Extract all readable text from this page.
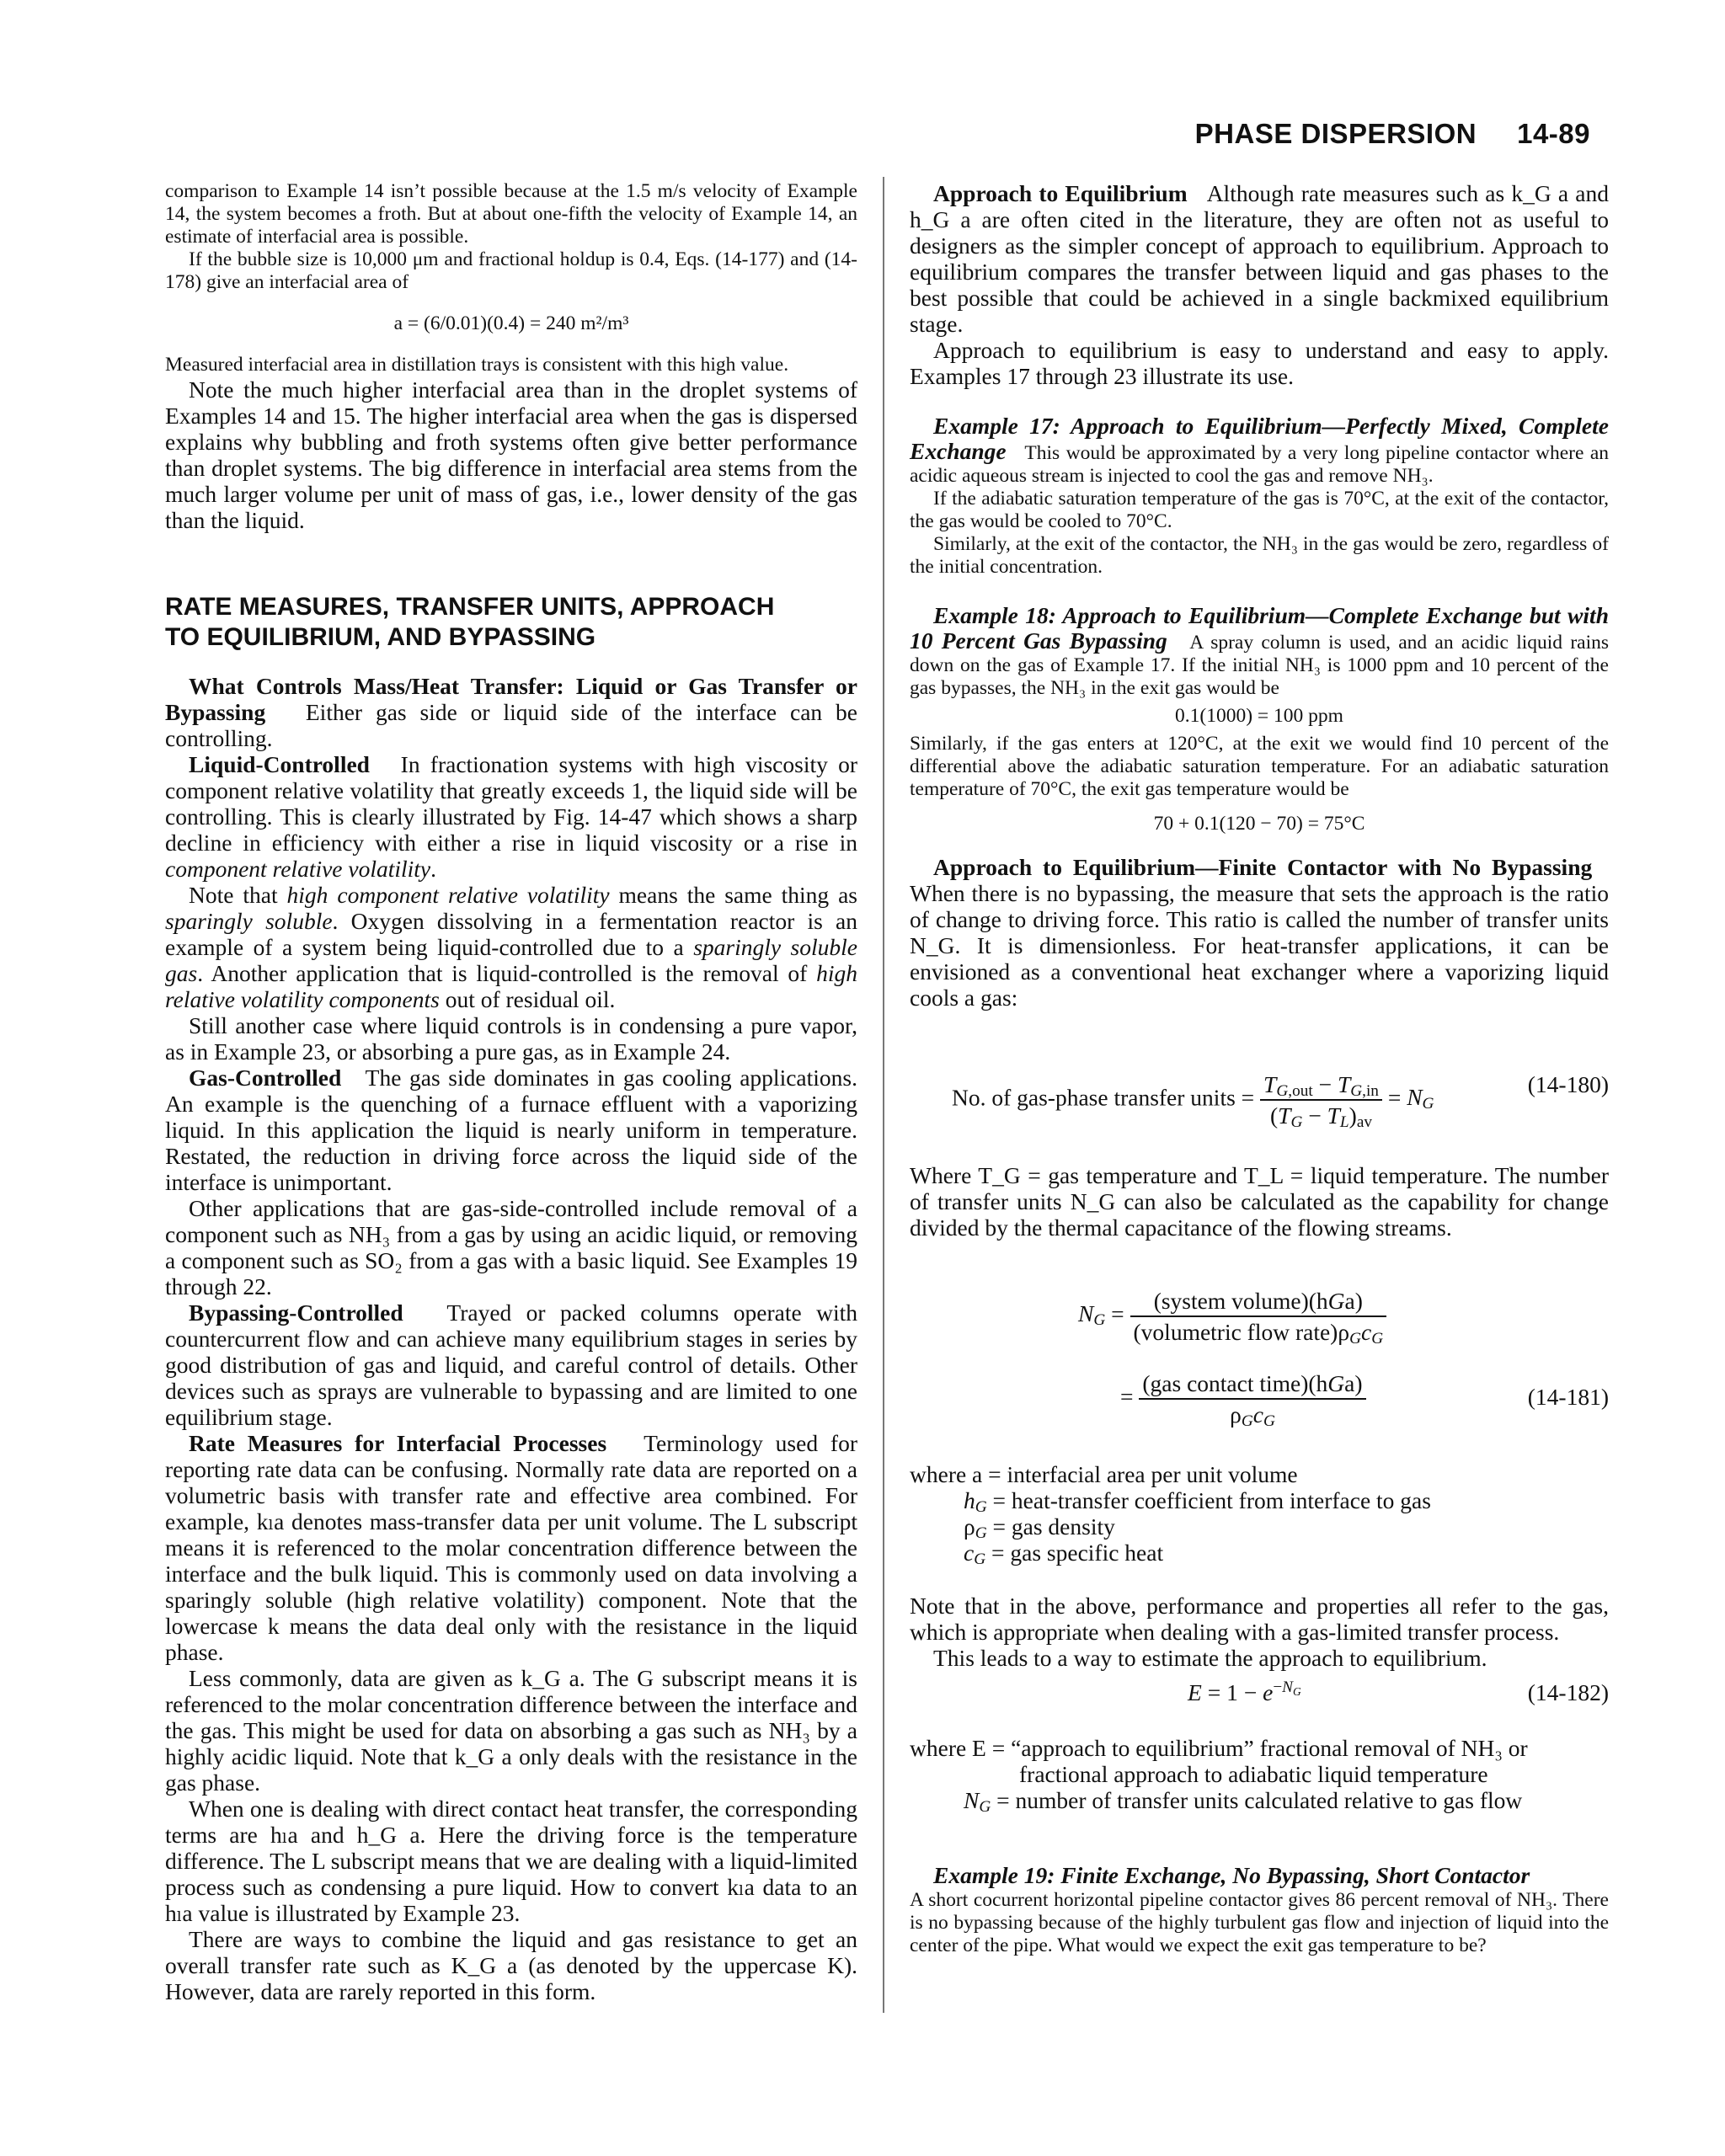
PHASE DISPERSION 14-89

comparison to Example 14 isn’t possible because at the 1.5 m/s velocity of Example 14, the system becomes a froth. But at about one-fifth the velocity of Example 14, an estimate of interfacial area is possible.

If the bubble size is 10,000 μm and fractional holdup is 0.4, Eqs. (14-177) and (14-178) give an interfacial area of

a = (6/0.01)(0.4) = 240 m²/m³

Measured interfacial area in distillation trays is consistent with this high value.

Note the much higher interfacial area than in the droplet systems of Examples 14 and 15. The higher interfacial area when the gas is dispersed explains why bubbling and froth systems often give better performance than droplet systems. The big difference in interfacial area stems from the much larger volume per unit of mass of gas, i.e., lower density of the gas than the liquid.

RATE MEASURES, TRANSFER UNITS, APPROACH
TO EQUILIBRIUM, AND BYPASSING

What Controls Mass/Heat Transfer: Liquid or Gas Transfer or Bypassing Either gas side or liquid side of the interface can be controlling.

Liquid-Controlled In fractionation systems with high viscosity or component relative volatility that greatly exceeds 1, the liquid side will be controlling. This is clearly illustrated by Fig. 14-47 which shows a sharp decline in efficiency with either a rise in liquid viscosity or a rise in component relative volatility.

Note that high component relative volatility means the same thing as sparingly soluble. Oxygen dissolving in a fermentation reactor is an example of a system being liquid-controlled due to a sparingly soluble gas. Another application that is liquid-controlled is the removal of high relative volatility components out of residual oil.

Still another case where liquid controls is in condensing a pure vapor, as in Example 23, or absorbing a pure gas, as in Example 24.

Gas-Controlled The gas side dominates in gas cooling applications. An example is the quenching of a furnace effluent with a vaporizing liquid. In this application the liquid is nearly uniform in temperature. Restated, the reduction in driving force across the liquid side of the interface is unimportant.

Other applications that are gas-side-controlled include removal of a component such as NH₃ from a gas by using an acidic liquid, or removing a component such as SO₂ from a gas with a basic liquid. See Examples 19 through 22.

Bypassing-Controlled Trayed or packed columns operate with countercurrent flow and can achieve many equilibrium stages in series by good distribution of gas and liquid, and careful control of details. Other devices such as sprays are vulnerable to bypassing and are limited to one equilibrium stage.

Rate Measures for Interfacial Processes Terminology used for reporting rate data can be confusing. Normally rate data are reported on a volumetric basis with transfer rate and effective area combined. For example, kₗa denotes mass-transfer data per unit volume. The L subscript means it is referenced to the molar concentration difference between the interface and the bulk liquid. This is commonly used on data involving a sparingly soluble (high relative volatility) component. Note that the lowercase k means the data deal only with the resistance in the liquid phase.

Less commonly, data are given as k_G a. The G subscript means it is referenced to the molar concentration difference between the interface and the gas. This might be used for data on absorbing a gas such as NH₃ by a highly acidic liquid. Note that k_G a only deals with the resistance in the gas phase.

When one is dealing with direct contact heat transfer, the corresponding terms are hₗa and h_G a. Here the driving force is the temperature difference. The L subscript means that we are dealing with a liquid-limited process such as condensing a pure liquid. How to convert kₗa data to an hₗa value is illustrated by Example 23.

There are ways to combine the liquid and gas resistance to get an overall transfer rate such as K_G a (as denoted by the uppercase K). However, data are rarely reported in this form.

Approach to Equilibrium Although rate measures such as k_G a and h_G a are often cited in the literature, they are often not as useful to designers as the simpler concept of approach to equilibrium. Approach to equilibrium compares the transfer between liquid and gas phases to the best possible that could be achieved in a single backmixed equilibrium stage.

Approach to equilibrium is easy to understand and easy to apply. Examples 17 through 23 illustrate its use.

Example 17: Approach to Equilibrium—Perfectly Mixed, Complete Exchange This would be approximated by a very long pipeline contactor where an acidic aqueous stream is injected to cool the gas and remove NH₃.

If the adiabatic saturation temperature of the gas is 70°C, at the exit of the contactor, the gas would be cooled to 70°C.

Similarly, at the exit of the contactor, the NH₃ in the gas would be zero, regardless of the initial concentration.

Example 18: Approach to Equilibrium—Complete Exchange but with 10 Percent Gas Bypassing A spray column is used, and an acidic liquid rains down on the gas of Example 17. If the initial NH₃ is 1000 ppm and 10 percent of the gas bypasses, the NH₃ in the exit gas would be

0.1(1000) = 100 ppm

Similarly, if the gas enters at 120°C, at the exit we would find 10 percent of the differential above the adiabatic saturation temperature. For an adiabatic saturation temperature of 70°C, the exit gas temperature would be

70 + 0.1(120 − 70) = 75°C

Approach to Equilibrium—Finite Contactor with No Bypassing   When there is no bypassing, the measure that sets the approach is the ratio of change to driving force. This ratio is called the number of transfer units N_G. It is dimensionless. For heat-transfer applications, it can be envisioned as a conventional heat exchanger where a vaporizing liquid cools a gas:

No. of gas-phase transfer units = $\frac{T_{G,out} - T_{G,in}}{(T_G - T_L)_{av}} = N_G$
(14-180)

Where T_G = gas temperature and T_L = liquid temperature. The number of transfer units N_G can also be calculated as the capability for change divided by the thermal capacitance of the flowing streams.

$N_G = \frac{\text{(system volume)(hGa)}}{(volumetric flow rate)\rho_Gc_G}$
= $\frac{\text{(gas contact time)(hGa)}}{\rho_Gc_G}$	(14-181)
where a = interfacial area per unit volume
$h_G$ = heat-transfer coefficient from interface to gas
$\rho_G$ = gas density
$c_G$ = gas specific heat

Note that in the above, performance and properties all refer to the gas, which is appropriate when dealing with a gas-limited transfer process.

This leads to a way to estimate the approach to equilibrium.

$E = 1 - e^{-N_G}$	(14-182)
where E = “approach to equilibrium” fractional removal of NH₃ or
fractional approach to adiabatic liquid temperature
$N_G$ = number of transfer units calculated relative to gas flow

Example 19: Finite Exchange, No Bypassing, Short Contactor

A short cocurrent horizontal pipeline contactor gives 86 percent removal of NH₃. There is no bypassing because of the highly turbulent gas flow and injection of liquid into the center of the pipe. What would we expect the exit gas temperature to be?
